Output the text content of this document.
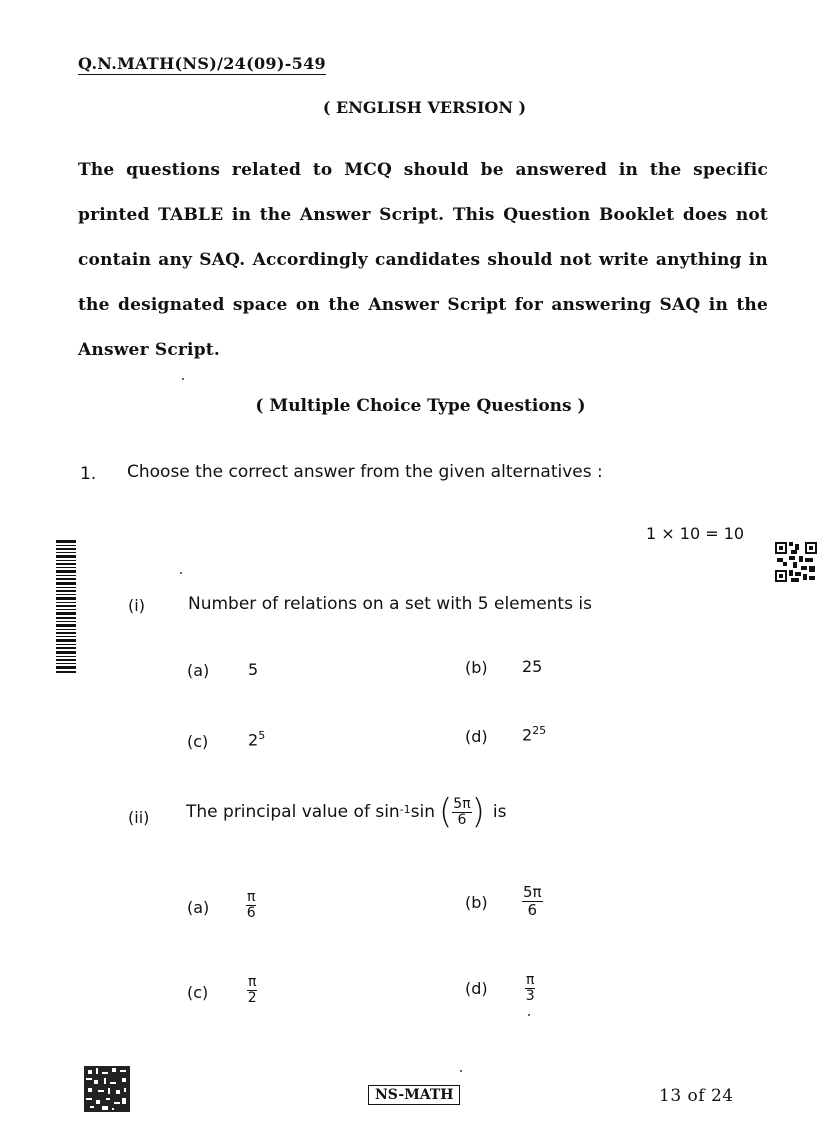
Q.N.MATH(NS)/24(09)-549
( ENGLISH VERSION )
The questions related to MCQ should be answered in the specific printed TABLE in the Answer Script. This Question Booklet does not contain any SAQ. Accordingly candidates should not write anything in the designated space on the Answer Script for answering SAQ in the Answer Script.
( Multiple Choice Type Questions )
1. Choose the correct answer from the given alternatives :
1 × 10 = 10
(i)	Number of relations on a set with 5 elements is
(a) 5	(b) 25
(c) $2^5$	(d) $2^{25}$
(ii) The principal value of $\sin^{-1} \sin$ ( $\frac{5\pi}{6}$ ) is
(a)	$\frac{\pi}{6}$	$(b) \frac{5\pi}{6}$
(c)	$\frac{\pi}{2}$	(d)	$\frac{\pi}{3}$
NS-MATH	13 of 24
